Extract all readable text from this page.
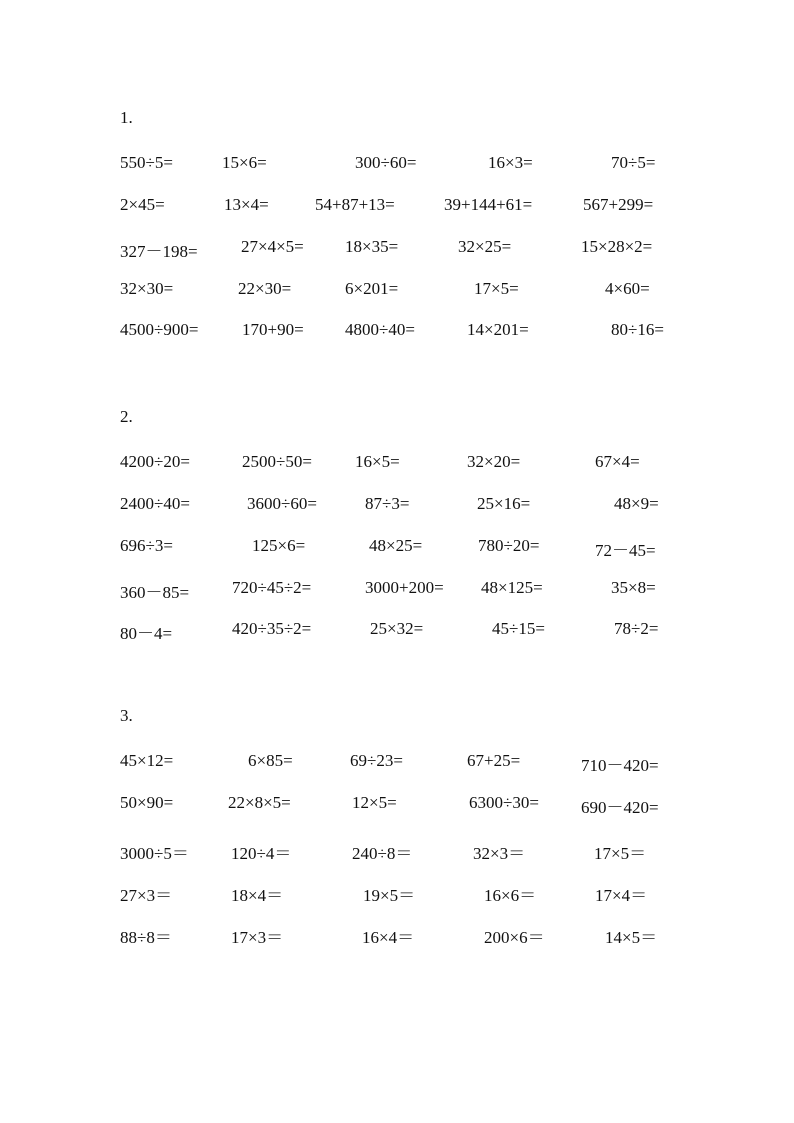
1.
550÷5=	15×6=	300÷60=	16×3=	70÷5=
2×45=	13×4=	54+87+13=	39+144+61=	567+299=
327－198=	27×4×5= 18×35=	32×25=	15×28×2=
32×30=	22×30=	6×201=	17×5=	4×60=
4500÷900=	170+90= 4800÷40=	14×201=	80÷16=
2.
4200÷20=	2500÷50=	16×5=	32×20=	67×4=
2400÷40=	3600÷60=	87÷3=	25×16=	48×9=
696÷3=	125×6=	48×25=	780÷20=	72－45=
360－85=	720÷45÷2=	3000+200= 48×125=	35×8=
80－4=	420÷35÷2=	25×32=	45÷15=	78÷2=
3.
45×12=	6×85=	69÷23=	67+25=	710－420=
50×90=	22×8×5=	12×5=	6300÷30= 690－420=
3000÷5＝ 120÷4＝	240÷8＝	32×3＝	17×5＝
27×3＝	18×4＝	19×5＝	16×6＝	17×4＝
88÷8＝	17×3＝	16×4＝	200×6＝	14×5＝
